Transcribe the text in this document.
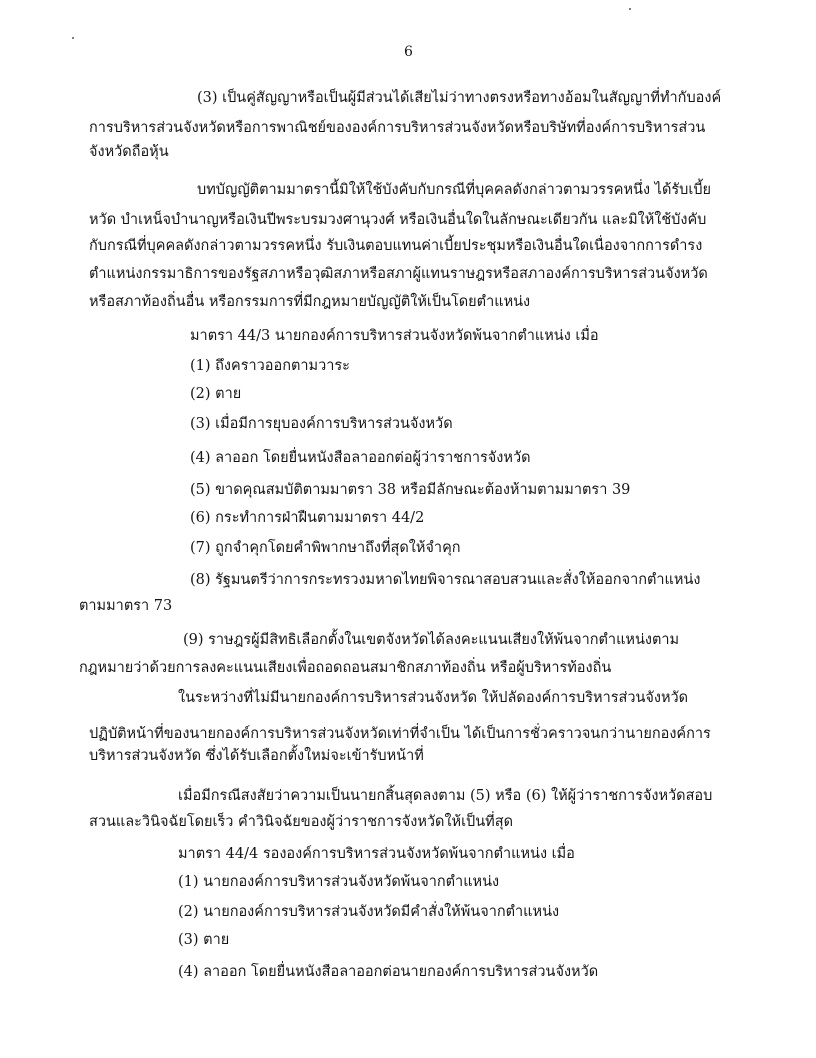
6
(3) เป็นคู่สัญญาหรือเป็นผู้มีส่วนได้เสียไม่ว่าทางตรงหรือทางอ้อมในสัญญาที่ทำกับองค์
การบริหารส่วนจังหวัดหรือการพาณิชย์ขององค์การบริหารส่วนจังหวัดหรือบริษัทที่องค์การบริหารส่วน
จังหวัดถือหุ้น
บทบัญญัติตามมาตรานี้มิให้ใช้บังคับกับกรณีที่บุคคลดังกล่าวตามวรรคหนึ่ง ได้รับเบี้ย
หวัด บำเหน็จบำนาญหรือเงินปีพระบรมวงศานุวงศ์ หรือเงินอื่นใดในลักษณะเดียวกัน และมิให้ใช้บังคับ
กับกรณีที่บุคคลดังกล่าวตามวรรคหนึ่ง รับเงินตอบแทนค่าเบี้ยประชุมหรือเงินอื่นใดเนื่องจากการดำรง
ตำแหน่งกรรมาธิการของรัฐสภาหรือวุฒิสภาหรือสภาผู้แทนราษฎรหรือสภาองค์การบริหารส่วนจังหวัด
หรือสภาท้องถิ่นอื่น หรือกรรมการที่มีกฎหมายบัญญัติให้เป็นโดยตำแหน่ง
มาตรา 44/3 นายกองค์การบริหารส่วนจังหวัดพ้นจากตำแหน่ง เมื่อ
(1) ถึงคราวออกตามวาระ
(2) ตาย
(3) เมื่อมีการยุบองค์การบริหารส่วนจังหวัด
(4) ลาออก โดยยื่นหนังสือลาออกต่อผู้ว่าราชการจังหวัด
(5) ขาดคุณสมบัติตามมาตรา 38 หรือมีลักษณะต้องห้ามตามมาตรา 39
(6) กระทำการฝ่าฝืนตามมาตรา 44/2
(7) ถูกจำคุกโดยคำพิพากษาถึงที่สุดให้จำคุก
(8) รัฐมนตรีว่าการกระทรวงมหาดไทยพิจารณาสอบสวนและสั่งให้ออกจากตำแหน่ง
ตามมาตรา 73
(9) ราษฎรผู้มีสิทธิเลือกตั้งในเขตจังหวัดได้ลงคะแนนเสียงให้พ้นจากตำแหน่งตาม
กฎหมายว่าด้วยการลงคะแนนเสียงเพื่อถอดถอนสมาชิกสภาท้องถิ่น หรือผู้บริหารท้องถิ่น
ในระหว่างที่ไม่มีนายกองค์การบริหารส่วนจังหวัด ให้ปลัดองค์การบริหารส่วนจังหวัด
ปฏิบัติหน้าที่ของนายกองค์การบริหารส่วนจังหวัดเท่าที่จำเป็น ได้เป็นการชั่วคราวจนกว่านายกองค์การ
บริหารส่วนจังหวัด ซึ่งได้รับเลือกตั้งใหม่จะเข้ารับหน้าที่
เมื่อมีกรณีสงสัยว่าความเป็นนายกสิ้นสุดลงตาม (5) หรือ (6) ให้ผู้ว่าราชการจังหวัดสอบ
สวนและวินิจฉัยโดยเร็ว คำวินิจฉัยของผู้ว่าราชการจังหวัดให้เป็นที่สุด
มาตรา 44/4 รององค์การบริหารส่วนจังหวัดพ้นจากตำแหน่ง เมื่อ
(1) นายกองค์การบริหารส่วนจังหวัดพ้นจากตำแหน่ง
(2) นายกองค์การบริหารส่วนจังหวัดมีคำสั่งให้พ้นจากตำแหน่ง
(3) ตาย
(4) ลาออก โดยยื่นหนังสือลาออกต่อนายกองค์การบริหารส่วนจังหวัด
